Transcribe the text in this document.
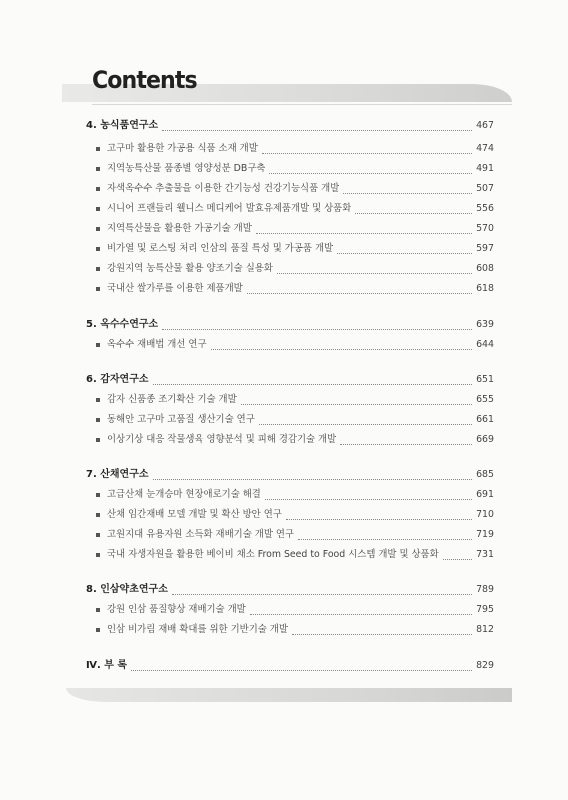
Contents
4. 농식품연구소	467
고구마 활용한 가공용 식품 소재 개발	474
지역농특산물 품종별 영양성분 DB구축	491
자색옥수수 추출물을 이용한 간기능성 건강기능식품 개발	507
시니어 프랜들리 웰니스 메디케어 발효유제품개발 및 상품화	556
지역특산물을 활용한 가공기술 개발	570
비가열 및 로스팅 처리 인삼의 품질 특성 및 가공품 개발	597
강원지역 농특산물 활용 양조기술 실용화	608
국내산 쌀가루를 이용한 제품개발	618
5. 옥수수연구소	639
옥수수 재배법 개선 연구	644
6. 감자연구소	651
감자 신품종 조기확산 기술 개발	655
동해안 고구마 고품질 생산기술 연구	661
이상기상 대응 작물생육 영향분석 및 피해 경감기술 개발	669
7. 산채연구소	685
고급산채 눈개승마 현장애로기술 해결	691
산채 임간재배 모델 개발 및 확산 방안 연구	710
고원지대 유용자원 소득화 재배기술 개발 연구	719
국내 자생자원을 활용한 베이비 채소 From Seed to Food 시스템 개발 및 상품화	731
8. 인삼약초연구소	789
강원 인삼 품질향상 재배기술 개발	795
인삼 비가림 재배 확대를 위한 기반기술 개발	812
Ⅳ. 부 록	829
